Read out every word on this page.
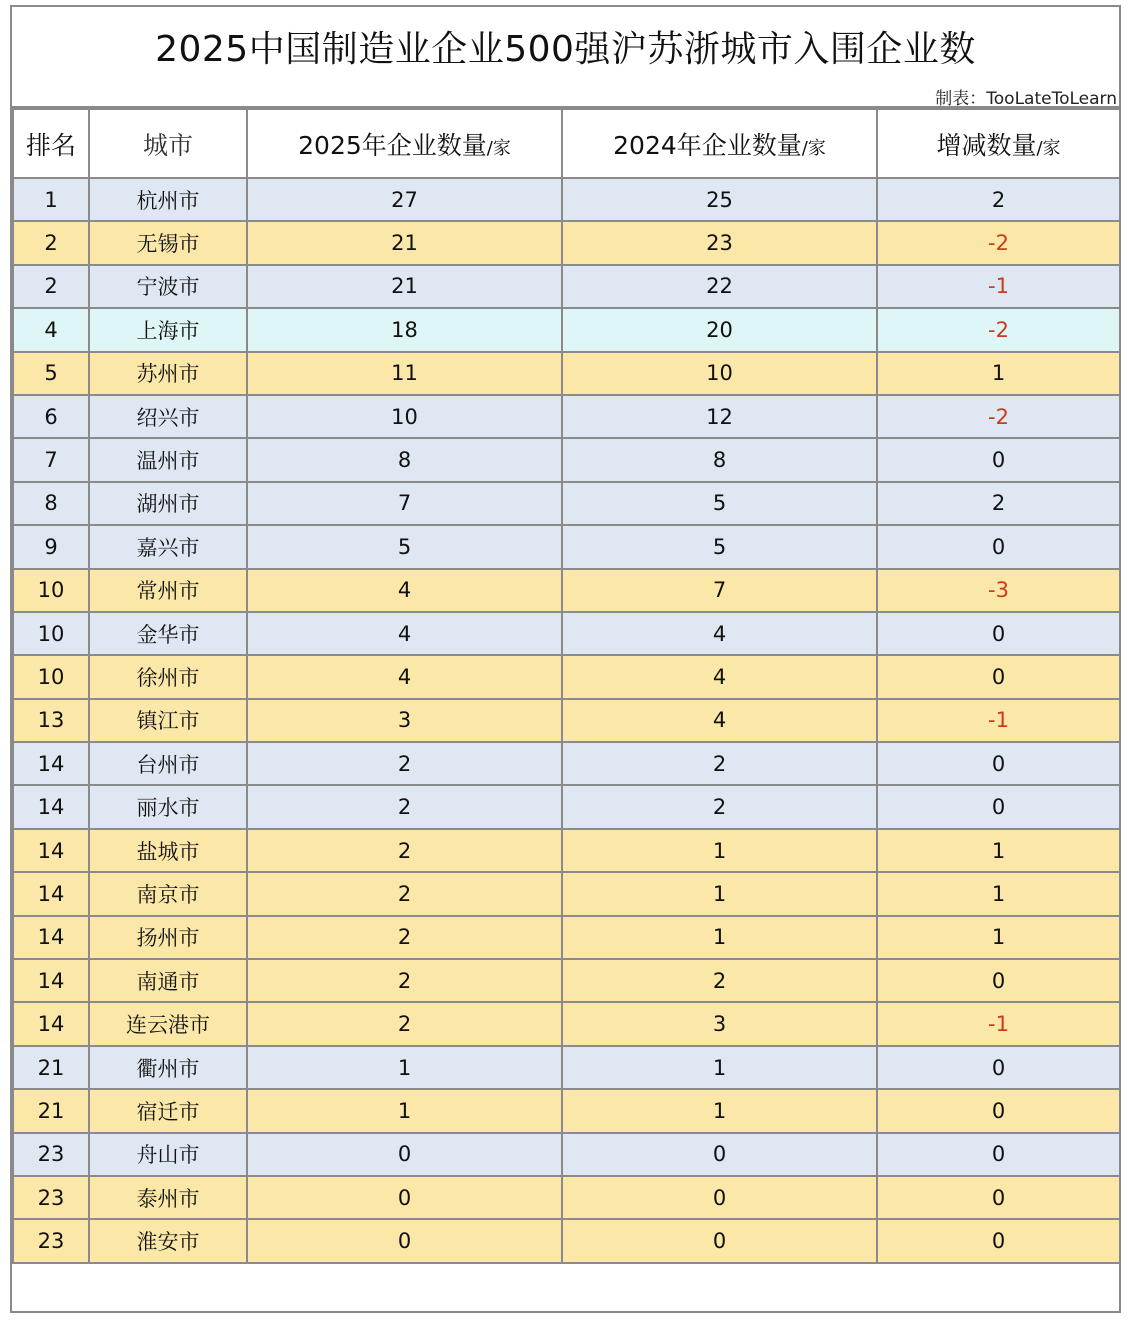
2025中国制造业企业500强沪苏浙城市入围企业数
制表：TooLateToLearn
排名	城市	2025年企业数量/家	2024年企业数量/家	增减数量/家
1	杭州市	27	25	2
2	无锡市	21	23	-2
2	宁波市	21	22	-1
4	上海市	18	20	-2
5	苏州市	11	10	1
6	绍兴市	10	12	-2
7	温州市	8	8	0
8	湖州市	7	5	2
9	嘉兴市	5	5	0
10	常州市	4	7	-3
10	金华市	4	4	0
10	徐州市	4	4	0
13	镇江市	3	4	-1
14	台州市	2	2	0
14	丽水市	2	2	0
14	盐城市	2	1	1
14	南京市	2	1	1
14	扬州市	2	1	1
14	南通市	2	2	0
14	连云港市	2	3	-1
21	衢州市	1	1	0
21	宿迁市	1	1	0
23	舟山市	0	0	0
23	泰州市	0	0	0
23	淮安市	0	0	0
